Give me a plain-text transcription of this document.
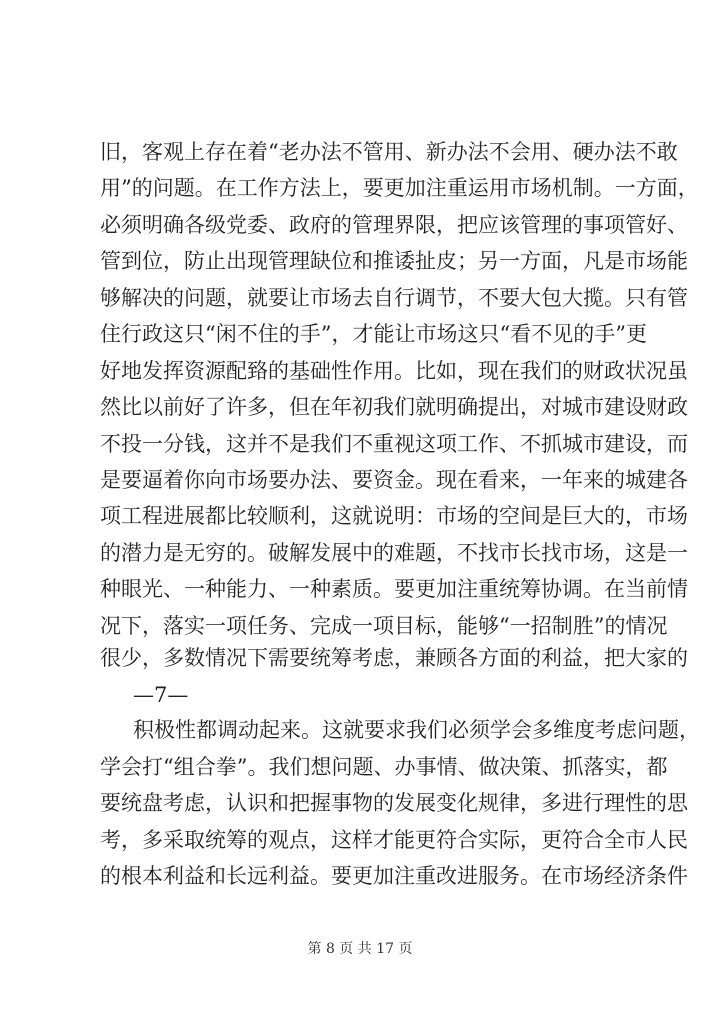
旧，客观上存在着“老办法不管用、新办法不会用、硬办法不敢
用”的问题。在工作方法上，要更加注重运用市场机制。一方面，
必须明确各级党委、政府的管理界限，把应该管理的事项管好、
管到位，防止出现管理缺位和推诿扯皮；另一方面，凡是市场能
够解决的问题，就要让市场去自行调节，不要大包大揽。只有管
住行政这只“闲不住的手”，才能让市场这只“看不见的手”更
好地发挥资源配臵的基础性作用。比如，现在我们的财政状况虽
然比以前好了许多，但在年初我们就明确提出，对城市建设财政
不投一分钱，这并不是我们不重视这项工作、不抓城市建设，而
是要逼着你向市场要办法、要资金。现在看来，一年来的城建各
项工程进展都比较顺利，这就说明：市场的空间是巨大的，市场
的潜力是无穷的。破解发展中的难题，不找市长找市场，这是一
种眼光、一种能力、一种素质。要更加注重统筹协调。在当前情
况下，落实一项任务、完成一项目标，能够“一招制胜”的情况
很少，多数情况下需要统筹考虑，兼顾各方面的利益，把大家的
—7—
积极性都调动起来。这就要求我们必须学会多维度考虑问题，
学会打“组合拳”。我们想问题、办事情、做决策、抓落实，都
要统盘考虑，认识和把握事物的发展变化规律，多进行理性的思
考，多采取统筹的观点，这样才能更符合实际，更符合全市人民
的根本利益和长远利益。要更加注重改进服务。在市场经济条件
第 8 页 共 17 页
